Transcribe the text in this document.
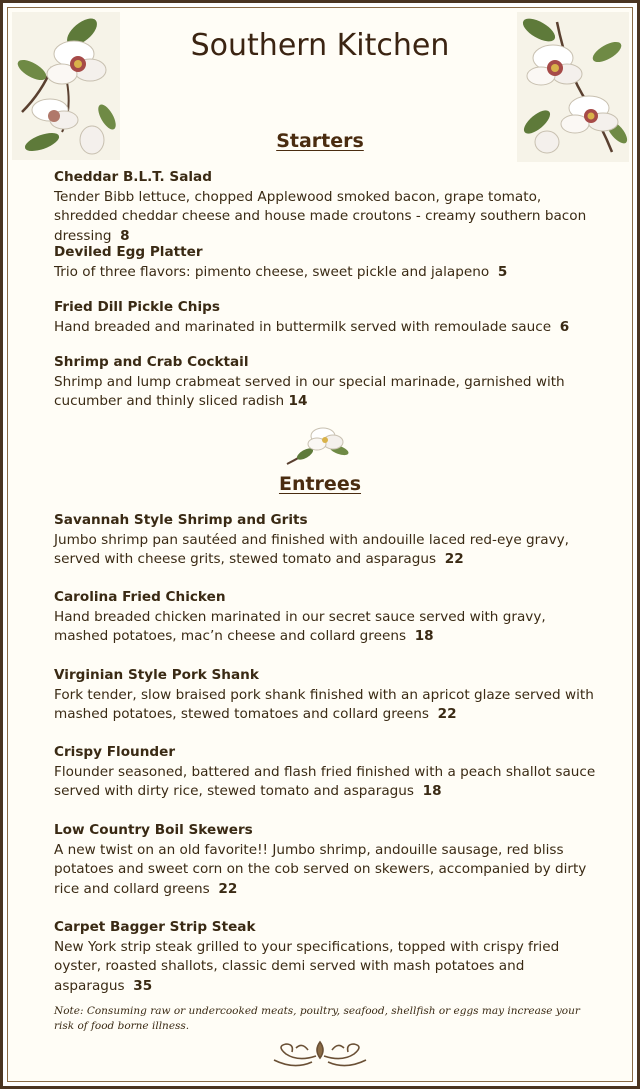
Southern Kitchen
Starters
Cheddar B.L.T. Salad
Tender Bibb lettuce, chopped Applewood smoked bacon, grape tomato, shredded cheddar cheese and house made croutons - creamy southern bacon dressing 8
Deviled Egg Platter
Trio of three flavors: pimento cheese, sweet pickle and jalapeno 5
Fried Dill Pickle Chips
Hand breaded and marinated in buttermilk served with remoulade sauce 6
Shrimp and Crab Cocktail
Shrimp and lump crabmeat served in our special marinade, garnished with cucumber and thinly sliced radish 14
Entrees
Savannah Style Shrimp and Grits
Jumbo shrimp pan sautéed and finished with andouille laced red-eye gravy, served with cheese grits, stewed tomato and asparagus 22
Carolina Fried Chicken
Hand breaded chicken marinated in our secret sauce served with gravy, mashed potatoes, mac’n cheese and collard greens 18
Virginian Style Pork Shank
Fork tender, slow braised pork shank finished with an apricot glaze served with mashed potatoes, stewed tomatoes and collard greens 22
Crispy Flounder
Flounder seasoned, battered and flash fried finished with a peach shallot sauce served with dirty rice, stewed tomato and asparagus 18
Low Country Boil Skewers
A new twist on an old favorite!! Jumbo shrimp, andouille sausage, red bliss potatoes and sweet corn on the cob served on skewers, accompanied by dirty rice and collard greens 22
Carpet Bagger Strip Steak
New York strip steak grilled to your specifications, topped with crispy fried oyster, roasted shallots, classic demi served with mash potatoes and asparagus 35
Note: Consuming raw or undercooked meats, poultry, seafood, shellfish or eggs may increase your risk of food borne illness.
